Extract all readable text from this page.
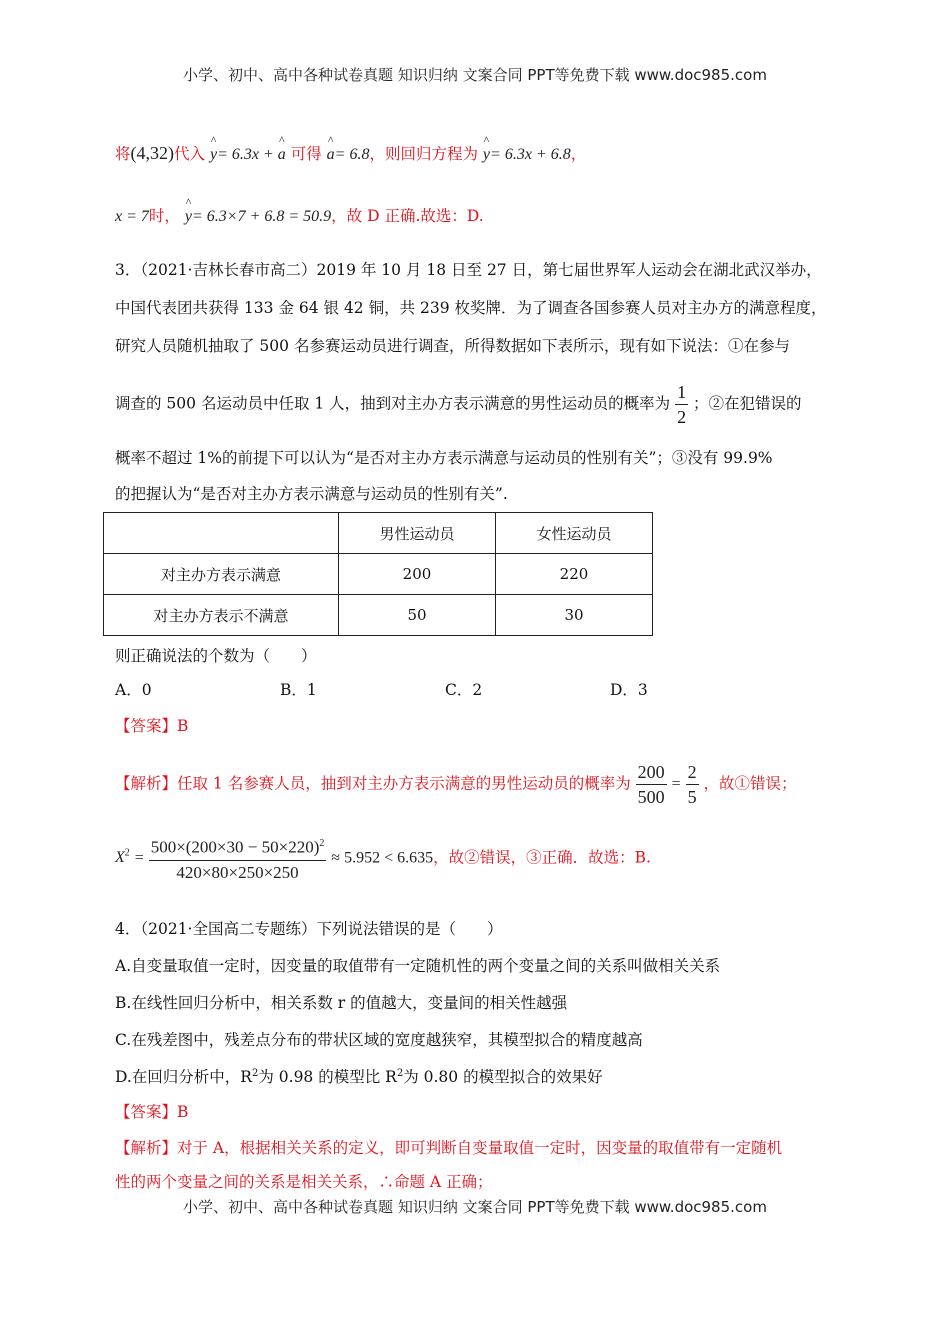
小学、初中、高中各种试卷真题 知识归纳 文案合同 PPT等免费下载 www.doc985.com
将(4,32)代入 ^ y= 6.3x + ^ a 可得 ^ a= 6.8，则回归方程为 ^ y= 6.3x + 6.8，
x = 7时， ^ y= 6.3×7 + 6.8 = 50.9，故 D 正确.故选：D.
3．（2021·吉林长春市高二）2019 年 10 月 18 日至 27 日，第七届世界军人运动会在湖北武汉举办，
中国代表团共获得 133 金 64 银 42 铜，共 239 枚奖牌．为了调查各国参赛人员对主办方的满意程度，
研究人员随机抽取了 500 名参赛运动员进行调查，所得数据如下表所示，现有如下说法：①在参与
调查的 500 名运动员中任取 1 人，抽到对主办方表示满意的男性运动员的概率为 $\frac{1}{2}$ ；②在犯错误的
概率不超过 1%的前提下可以认为“是否对主办方表示满意与运动员的性别有关”；③没有 99.9%
的把握认为“是否对主办方表示满意与运动员的性别有关”.
	男性运动员	女性运动员
对主办方表示满意	200	220
对主办方表示不满意	50	30
则正确说法的个数为（　　）
A．0	B．1	C．2	D．3
【答案】B
【解析】任取 1 名参赛人员，抽到对主办方表示满意的男性运动员的概率为 $\frac{200}{500} = \frac{2}{5}$ ，故①错误；
$X^2 = \frac{500\times(200\times 30 - 50\times 220)^2}{420\times 80\times 250\times 250} \approx 5.952 < 6.635$，故②错误，③正确．故选：B.
4．（2021·全国高二专题练）下列说法错误的是（　　）
A.自变量取值一定时，因变量的取值带有一定随机性的两个变量之间的关系叫做相关关系
B.在线性回归分析中，相关系数 r 的值越大，变量间的相关性越强
C.在残差图中，残差点分布的带状区域的宽度越狭窄，其模型拟合的精度越高
D.在回归分析中，$R^2$为 0.98 的模型比 $R^2$为 0.80 的模型拟合的效果好
【答案】B
【解析】对于 A，根据相关关系的定义，即可判断自变量取值一定时，因变量的取值带有一定随机
性的两个变量之间的关系是相关关系，∴命题 A 正确；
小学、初中、高中各种试卷真题 知识归纳 文案合同 PPT等免费下载 www.doc985.com
